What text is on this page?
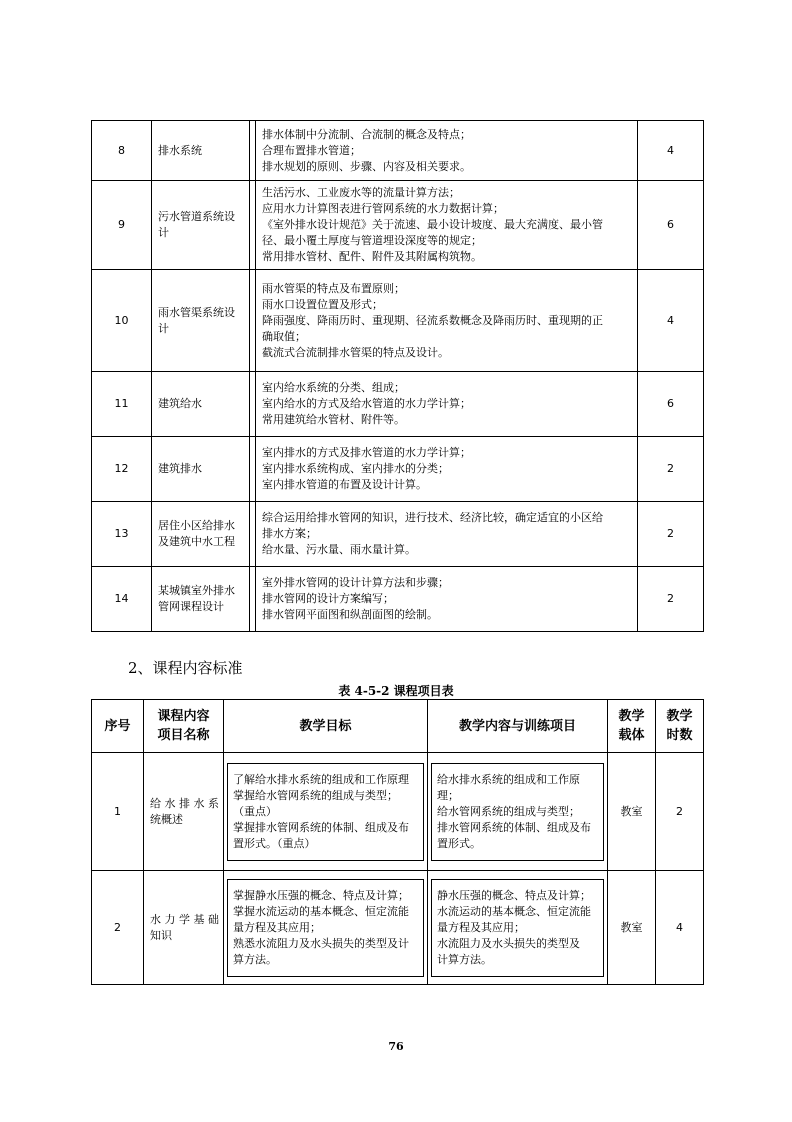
8	排水系统		排水体制中分流制、合流制的概念及特点；
合理布置排水管道；
排水规划的原则、步骤、内容及相关要求。	4
9	污水管道系统设
计		生活污水、工业废水等的流量计算方法；
应用水力计算图表进行管网系统的水力数据计算；
《室外排水设计规范》关于流速、最小设计坡度、最大充满度、最小管
径、最小覆土厚度与管道埋设深度等的规定；
常用排水管材、配件、附件及其附属构筑物。	6
10	雨水管渠系统设
计		雨水管渠的特点及布置原则；
雨水口设置位置及形式；
降雨强度、降雨历时、重现期、径流系数概念及降雨历时、重现期的正
确取值；
截流式合流制排水管渠的特点及设计。	4
11	建筑给水		室内给水系统的分类、组成；
室内给水的方式及给水管道的水力学计算；
常用建筑给水管材、附件等。	6
12	建筑排水		室内排水的方式及排水管道的水力学计算；
室内排水系统构成、室内排水的分类；
室内排水管道的布置及设计计算。	2
13	居住小区给排水
及建筑中水工程		综合运用给排水管网的知识，进行技术、经济比较，确定适宜的小区给
排水方案；
给水量、污水量、雨水量计算。	2
14	某城镇室外排水
管网课程设计		室外排水管网的设计计算方法和步骤；
排水管网的设计方案编写；
排水管网平面图和纵剖面图的绘制。	2
2、课程内容标准
表 4-5-2 课程项目表
序号	课程内容
项目名称	教学目标	教学内容与训练项目	教学
载体	教学
时数

1	给 水 排 水 系
统概述	了解给水排水系统的组成和工作原理
掌握给水管网系统的组成与类型；
（重点）
掌握排水管网系统的体制、组成及布
置形式。（重点）	给水排水系统的组成和工作原
理；
给水管网系统的组成与类型；
排水管网系统的体制、组成及布
置形式。	教室	2
2	水 力 学 基 础
知识	掌握静水压强的概念、特点及计算；
掌握水流运动的基本概念、恒定流能
量方程及其应用；
熟悉水流阻力及水头损失的类型及计
算方法。	静水压强的概念、特点及计算；
水流运动的基本概念、恒定流能
量方程及其应用；
水流阻力及水头损失的类型及
计算方法。	教室	4
76
